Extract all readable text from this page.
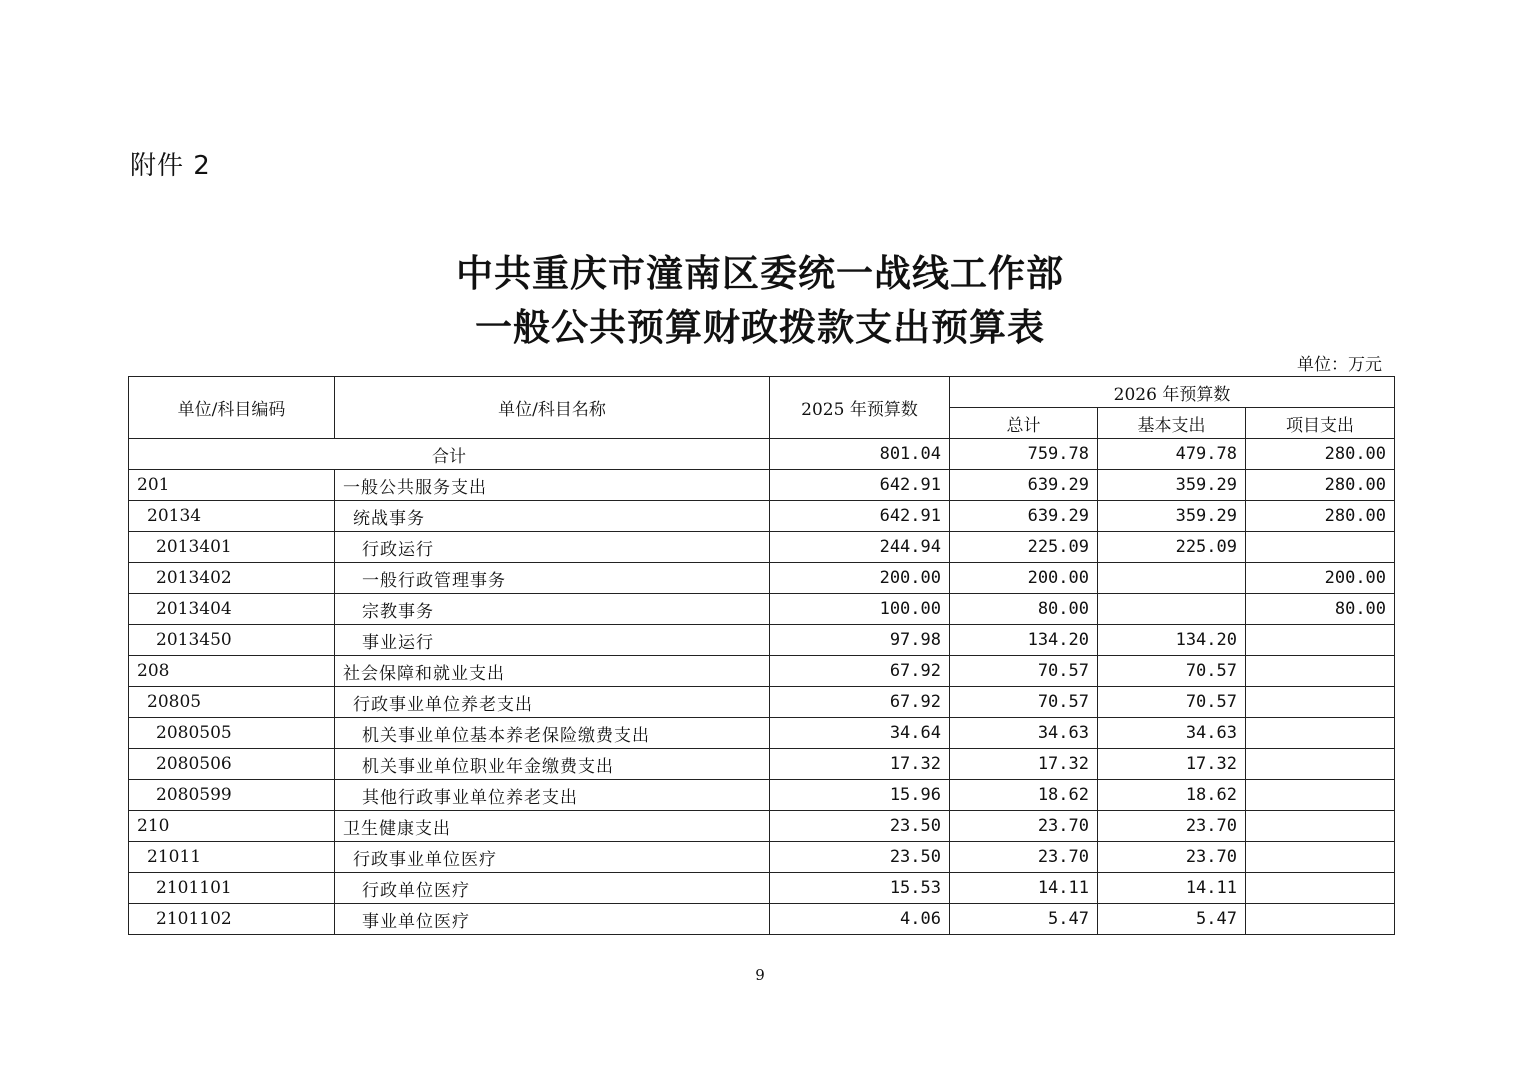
附件 2
中共重庆市潼南区委统一战线工作部
一般公共预算财政拨款支出预算表
单位：万元
单位/科目编码	单位/科目名称	2025 年预算数	2026 年预算数		
			总计	基本支出	项目支出
合计		801.04	759.78	479.78	280.00
201	一般公共服务支出	642.91	639.29	359.29	280.00
20134	统战事务	642.91	639.29	359.29	280.00
2013401	行政运行	244.94	225.09	225.09	
2013402	一般行政管理事务	200.00	200.00		200.00
2013404	宗教事务	100.00	80.00		80.00
2013450	事业运行	97.98	134.20	134.20	
208	社会保障和就业支出	67.92	70.57	70.57	
20805	行政事业单位养老支出	67.92	70.57	70.57	
2080505	机关事业单位基本养老保险缴费支出	34.64	34.63	34.63	
2080506	机关事业单位职业年金缴费支出	17.32	17.32	17.32	
2080599	其他行政事业单位养老支出	15.96	18.62	18.62	
210	卫生健康支出	23.50	23.70	23.70	
21011	行政事业单位医疗	23.50	23.70	23.70	
2101101	行政单位医疗	15.53	14.11	14.11	
2101102	事业单位医疗	4.06	5.47	5.47	
9
